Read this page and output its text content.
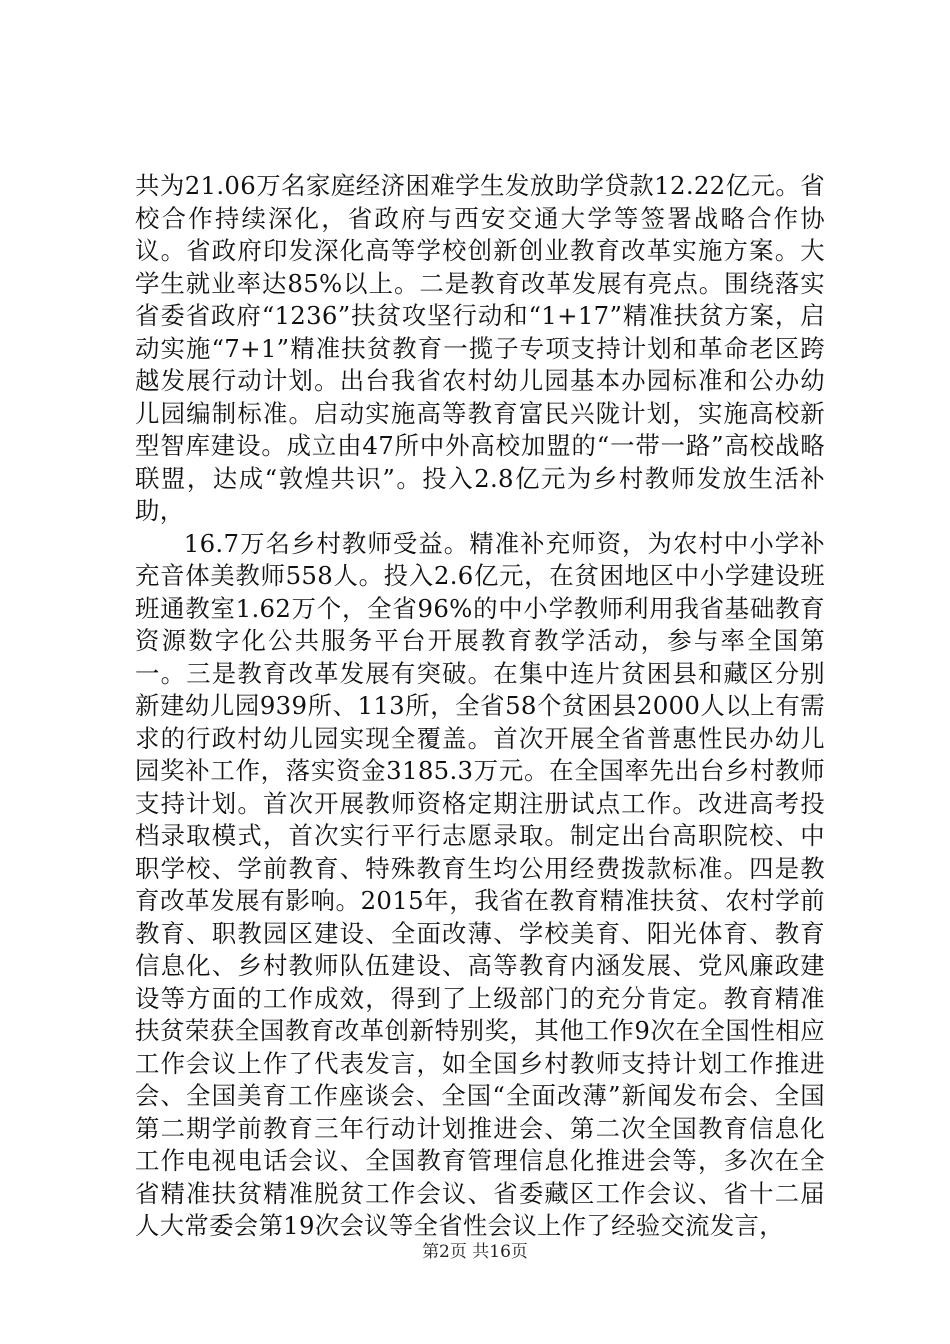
共为21.06万名家庭经济困难学生发放助学贷款12.22亿元。省校合作持续深化，省政府与西安交通大学等签署战略合作协议。省政府印发深化高等学校创新创业教育改革实施方案。大学生就业率达85%以上。二是教育改革发展有亮点。围绕落实省委省政府“1236”扶贫攻坚行动和“1+17”精准扶贫方案，启动实施“7+1”精准扶贫教育一揽子专项支持计划和革命老区跨越发展行动计划。出台我省农村幼儿园基本办园标准和公办幼儿园编制标准。启动实施高等教育富民兴陇计划，实施高校新型智库建设。成立由47所中外高校加盟的“一带一路”高校战略联盟，达成“敦煌共识”。投入2.8亿元为乡村教师发放生活补助，

16.7万名乡村教师受益。精准补充师资，为农村中小学补充音体美教师558人。投入2.6亿元，在贫困地区中小学建设班班通教室1.62万个，全省96%的中小学教师利用我省基础教育资源数字化公共服务平台开展教育教学活动，参与率全国第一。三是教育改革发展有突破。在集中连片贫困县和藏区分别新建幼儿园939所、113所，全省58个贫困县2000人以上有需求的行政村幼儿园实现全覆盖。首次开展全省普惠性民办幼儿园奖补工作，落实资金3185.3万元。在全国率先出台乡村教师支持计划。首次开展教师资格定期注册试点工作。改进高考投档录取模式，首次实行平行志愿录取。制定出台高职院校、中职学校、学前教育、特殊教育生均公用经费拨款标准。四是教育改革发展有影响。2015年，我省在教育精准扶贫、农村学前教育、职教园区建设、全面改薄、学校美育、阳光体育、教育信息化、乡村教师队伍建设、高等教育内涵发展、党风廉政建设等方面的工作成效，得到了上级部门的充分肯定。教育精准扶贫荣获全国教育改革创新特别奖，其他工作9次在全国性相应工作会议上作了代表发言，如全国乡村教师支持计划工作推进会、全国美育工作座谈会、全国“全面改薄”新闻发布会、全国第二期学前教育三年行动计划推进会、第二次全国教育信息化工作电视电话会议、全国教育管理信息化推进会等，多次在全省精准扶贫精准脱贫工作会议、省委藏区工作会议、省十二届人大常委会第19次会议等全省性会议上作了经验交流发言，

第2页 共16页
